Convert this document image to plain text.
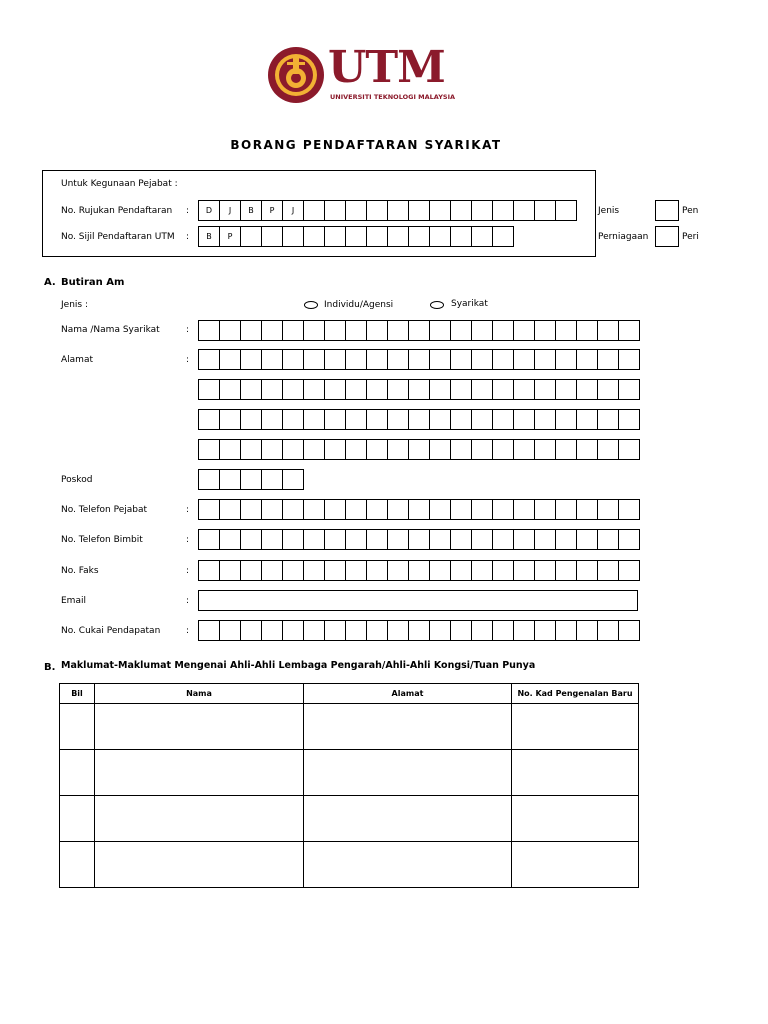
UTM
UNIVERSITI TEKNOLOGI MALAYSIA
BORANG PENDAFTARAN SYARIKAT
Untuk Kegunaan Pejabat :
No. Rujukan Pendaftaran :	D	J	B	P	J
No. Sijil Pendaftaran UTM :	B	P
Jenis	Pen
Perniagaan	Peri
A. Butiran Am
Jenis :	Individu/Agensi	Syarikat
Nama /Nama Syarikat	:
Alamat	:
Poskod
No. Telefon Pejabat	:
No. Telefon Bimbit	:
No. Faks	:
Email	:
No. Cukai Pendapatan	:
B. Maklumat-Maklumat Mengenai Ahli-Ahli Lembaga Pengarah/Ahli-Ahli Kongsi/Tuan Punya
Bil	Nama	Alamat	No. Kad Pengenalan Baru
